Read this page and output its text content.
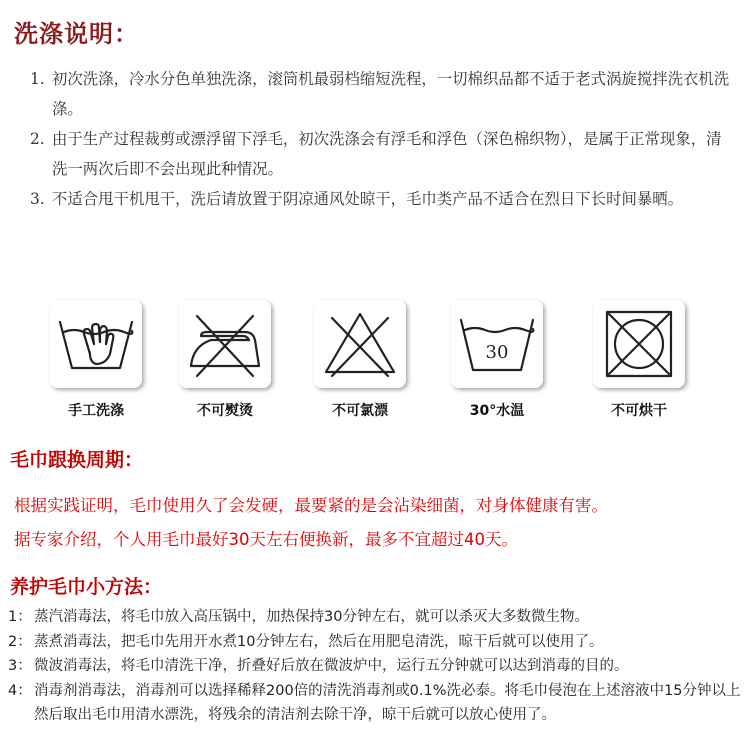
洗涤说明：
1. 初次洗涤，冷水分色单独洗涤，滚筒机最弱档缩短洗程，一切棉织品都不适于老式涡旋搅拌洗衣机洗涤。
2. 由于生产过程裁剪或漂浮留下浮毛，初次洗涤会有浮毛和浮色（深色棉织物），是属于正常现象，清洗一两次后即不会出现此种情况。
3. 不适合甩干机甩干，洗后请放置于阴凉通风处晾干，毛巾类产品不适合在烈日下长时间暴晒。
手工洗涤	不可熨烫	不可氯漂
30
30°水温	不可烘干
毛巾跟换周期：
根据实践证明，毛巾使用久了会发硬，最要紧的是会沾染细菌，对身体健康有害。
据专家介绍，个人用毛巾最好30天左右便换新，最多不宜超过40天。
养护毛巾小方法：
1： 蒸汽消毒法，将毛巾放入高压锅中，加热保持30分钟左右，就可以杀灭大多数微生物。
2： 蒸煮消毒法，把毛巾先用开水煮10分钟左右，然后在用肥皂清洗，晾干后就可以使用了。
3： 微波消毒法，将毛巾清洗干净，折叠好后放在微波炉中，运行五分钟就可以达到消毒的目的。
4： 消毒剂消毒法，消毒剂可以选择稀释200倍的清洗消毒剂或0.1%洗必泰。将毛巾侵泡在上述溶液中15分钟以上然后取出毛巾用清水漂洗，将残余的清洁剂去除干净，晾干后就可以放心使用了。
